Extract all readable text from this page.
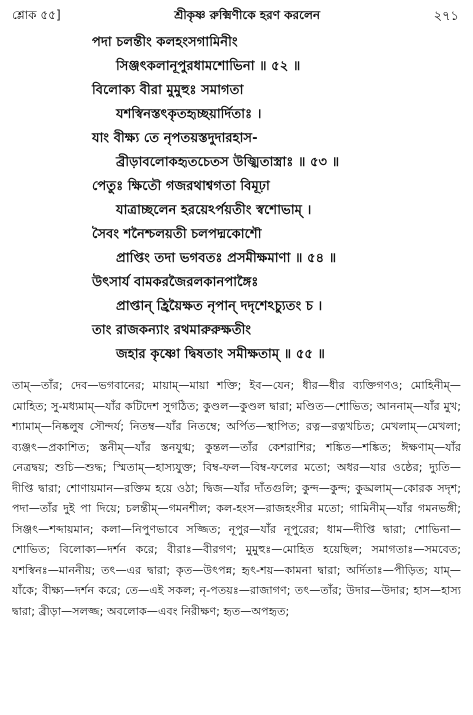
শ্লোক ৫৫]	শ্রীকৃষ্ণ রুক্মিণীকে হরণ করলেন	২৭১
পদা চলন্তীং কলহংসগামিনীং
সিঞ্জৎকলানূপুরধামশোভিনা ॥ ৫২ ॥
বিলোক্য বীরা মুমুহুঃ সমাগতা
যশস্বিনস্তৎকৃতহৃচ্ছয়ার্দিতাঃ ।
যাং বীক্ষ্য তে নৃপতয়স্তদুদারহাস-
ব্রীড়াবলোকহৃতচেতস উজ্ঝিতাস্ত্রাঃ ॥ ৫৩ ॥
পেতুঃ ক্ষিতৌ গজরথাশ্বগতা বিমূঢ়া
যাত্রাচ্ছলেন হরয়েঽর্পয়তীং স্বশোভাম্ ।
সৈবং শনৈশ্চলয়তী চলপদ্মকোশৌ
প্রাপ্তিং তদা ভগবতঃ প্রসমীক্ষমাণা ॥ ৫৪ ॥
উৎসার্য বামকরজৈরলকানপাঙ্গৈঃ
প্রাপ্তান্ হ্রিয়ৈক্ষত নৃপান্ দদৃশেঽচ্যুতং চ ।
তাং রাজকন্যাং রথমারুরুক্ষতীং
জহার কৃষ্ণো দ্বিষতাং সমীক্ষতাম্ ॥ ৫৫ ॥

তাম্—তাঁর; দেব—ভগবানের; মায়াম্—মায়া শক্তি; ইব—যেন; ধীর—ধীর ব্যক্তিগণও; মোহিনীম্—মোহিত; সু-মধ্যমাম্—যাঁর কটিদেশ সুগঠিত; কুণ্ডল—কুণ্ডল দ্বারা; মণ্ডিত—শোভিত; আননাম্—যাঁর মুখ; শ্যামাম্—নিষ্কলুষ সৌন্দর্য; নিতম্ব—যাঁর নিতম্বে; অর্পিত—স্থাপিত; রত্ন—রত্নখচিত; মেখলাম্—মেখলা; ব্যঞ্জৎ—প্রকাশিত; স্তনীম্—যাঁর স্তনযুগ্ম; কুন্তল—তাঁর কেশরাশির; শঙ্কিত—শঙ্কিত; ঈক্ষণাম্—যাঁর নেত্রদ্বয়; শুচি—শুদ্ধ; স্মিতাম্—হাস্যযুক্ত; বিম্ব-ফল—বিম্ব-ফলের মতো; অধর—যার ওষ্ঠের; দ্যুতি—দীপ্তি দ্বারা; শোণায়মান—রক্তিম হয়ে ওঠা; দ্বিজ—যাঁর দাঁতগুলি; কুন্দ—কুন্দ; কুড্মলাম্—কোরক সদৃশ; পদা—তাঁর দুই পা দিয়ে; চলন্তীম্—গমনশীল; কল-হংস—রাজহংসীর মতো; গামিনীম্—যাঁর গমনভঙ্গী; সিঞ্জৎ—শব্দায়মান; কলা—নিপুণভাবে সজ্জিত; নূপুর—যাঁর নূপুরের; ধাম—দীপ্তি দ্বারা; শোভিনা—শোভিত; বিলোক্য—দর্শন করে; বীরাঃ—বীরগণ; মুমুহুঃ—মোহিত হয়েছিল; সমাগতাঃ—সমবেত; যশস্বিনঃ—মাননীয়; তৎ—এর দ্বারা; কৃত—উৎপন্ন; হৃৎ-শয়—কামনা দ্বারা; অর্দিতাঃ—পীড়িত; যাম্—যাঁকে; বীক্ষ্য—দর্শন করে; তে—এই সকল; নৃ-পতয়ঃ—রাজাগণ; তৎ—তাঁর; উদার—উদার; হাস—হাস্য দ্বারা; ব্রীড়া—সলজ্জ; অবলোক—এবং নিরীক্ষণ; হৃত—অপহৃত;
